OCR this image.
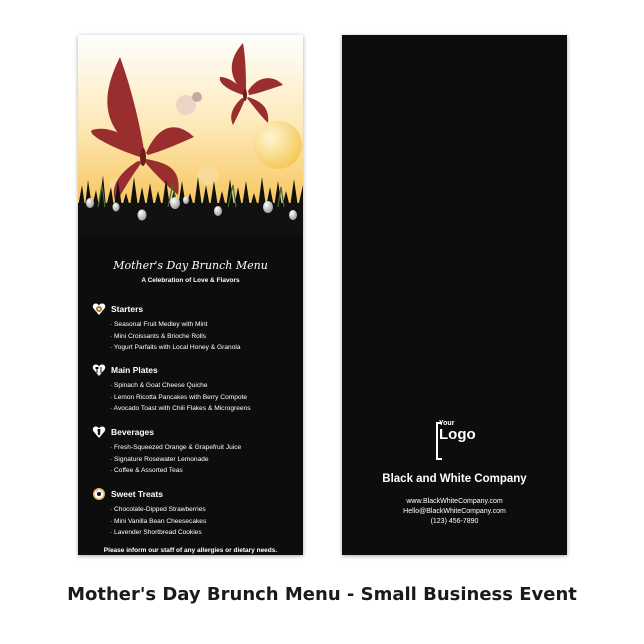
Mother's Day Brunch Menu
A Celebration of Love & Flavors
Starters
· Seasonal Fruit Medley with Mint
· Mini Croissants & Brioche Rolls
· Yogurt Parfaits with Local Honey & Granola
Main Plates
· Spinach & Goat Cheese Quiche
· Lemon Ricotta Pancakes with Berry Compote
· Avocado Toast with Chili Flakes & Microgreens
Beverages
· Fresh-Squeezed Orange & Grapefruit Juice
· Signature Rosewater Lemonade
· Coffee & Assorted Teas
Sweet Treats
· Chocolate-Dipped Strawberries
· Mini Vanilla Bean Cheesecakes
· Lavender Shortbread Cookies
Please inform our staff of any allergies or dietary needs.
Your
Logo
Black and White Company
www.BlackWhiteCompany.com
Hello@BlackWhiteCompany.com
(123) 456-7890
Mother's Day Brunch Menu - Small Business Event
